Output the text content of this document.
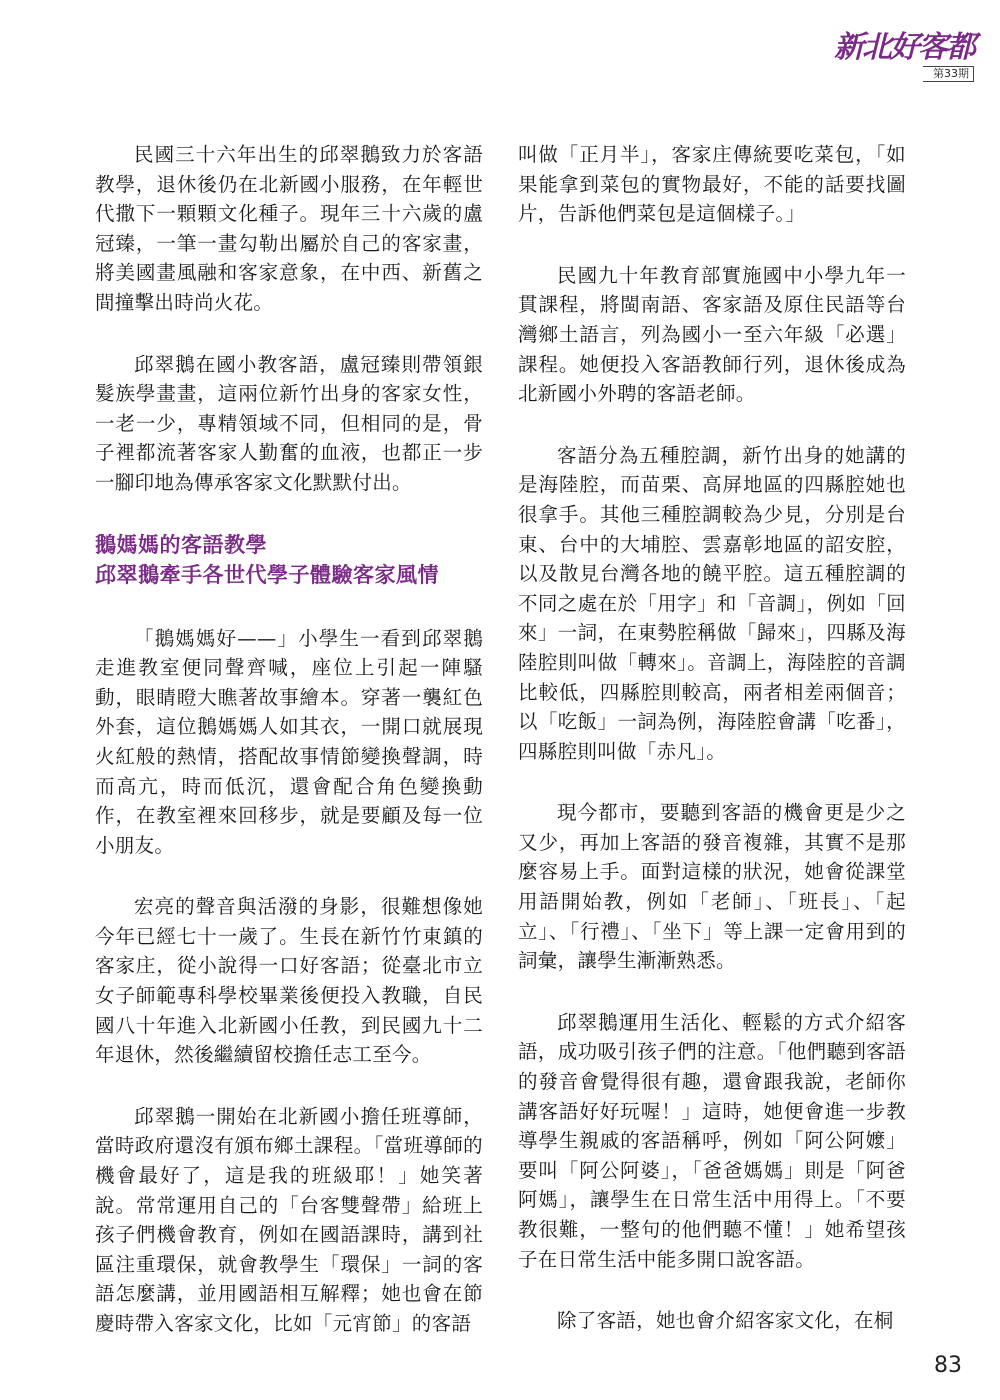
新北好客都
第33期

民國三十六年出生的邱翠鵝致力於客語教學，退休後仍在北新國小服務，在年輕世代撒下一顆顆文化種子。現年三十六歲的盧冠臻，一筆一畫勾勒出屬於自己的客家畫，將美國畫風融和客家意象，在中西、新舊之間撞擊出時尚火花。

邱翠鵝在國小教客語，盧冠臻則帶領銀髮族學畫畫，這兩位新竹出身的客家女性，一老一少，專精領域不同，但相同的是，骨子裡都流著客家人勤奮的血液，也都正一步一腳印地為傳承客家文化默默付出。

鵝媽媽的客語教學
邱翠鵝牽手各世代學子體驗客家風情

「鵝媽媽好——」小學生一看到邱翠鵝走進教室便同聲齊喊，座位上引起一陣騷動，眼睛瞪大瞧著故事繪本。穿著一襲紅色外套，這位鵝媽媽人如其衣，一開口就展現火紅般的熱情，搭配故事情節變換聲調，時而高亢，時而低沉，還會配合角色變換動作，在教室裡來回移步，就是要顧及每一位小朋友。

宏亮的聲音與活潑的身影，很難想像她今年已經七十一歲了。生長在新竹竹東鎮的客家庄，從小說得一口好客語；從臺北市立女子師範專科學校畢業後便投入教職，自民國八十年進入北新國小任教，到民國九十二年退休，然後繼續留校擔任志工至今。

邱翠鵝一開始在北新國小擔任班導師，當時政府還沒有頒布鄉土課程。「當班導師的機會最好了，這是我的班級耶！」她笑著說。常常運用自己的「台客雙聲帶」給班上孩子們機會教育，例如在國語課時，講到社區注重環保，就會教學生「環保」一詞的客語怎麼講，並用國語相互解釋；她也會在節慶時帶入客家文化，比如「元宵節」的客語

叫做「正月半」，客家庄傳統要吃菜包，「如果能拿到菜包的實物最好，不能的話要找圖片，告訴他們菜包是這個樣子。」

民國九十年教育部實施國中小學九年一貫課程，將閩南語、客家語及原住民語等台灣鄉土語言，列為國小一至六年級「必選」課程。她便投入客語教師行列，退休後成為北新國小外聘的客語老師。

客語分為五種腔調，新竹出身的她講的是海陸腔，而苗栗、高屏地區的四縣腔她也很拿手。其他三種腔調較為少見，分別是台東、台中的大埔腔、雲嘉彰地區的詔安腔，以及散見台灣各地的饒平腔。這五種腔調的不同之處在於「用字」和「音調」，例如「回來」一詞，在東勢腔稱做「歸來」，四縣及海陸腔則叫做「轉來」。音調上，海陸腔的音調比較低，四縣腔則較高，兩者相差兩個音；以「吃飯」一詞為例，海陸腔會講「吃番」，四縣腔則叫做「赤凡」。

現今都市，要聽到客語的機會更是少之又少，再加上客語的發音複雜，其實不是那麼容易上手。面對這樣的狀況，她會從課堂用語開始教，例如「老師」、「班長」、「起立」、「行禮」、「坐下」等上課一定會用到的詞彙，讓學生漸漸熟悉。

邱翠鵝運用生活化、輕鬆的方式介紹客語，成功吸引孩子們的注意。「他們聽到客語的發音會覺得很有趣，還會跟我說，老師你講客語好好玩喔！」這時，她便會進一步教導學生親戚的客語稱呼，例如「阿公阿嬤」要叫「阿公阿婆」，「爸爸媽媽」則是「阿爸阿媽」，讓學生在日常生活中用得上。「不要教很難，一整句的他們聽不懂！」她希望孩子在日常生活中能多開口說客語。

除了客語，她也會介紹客家文化，在桐

83
